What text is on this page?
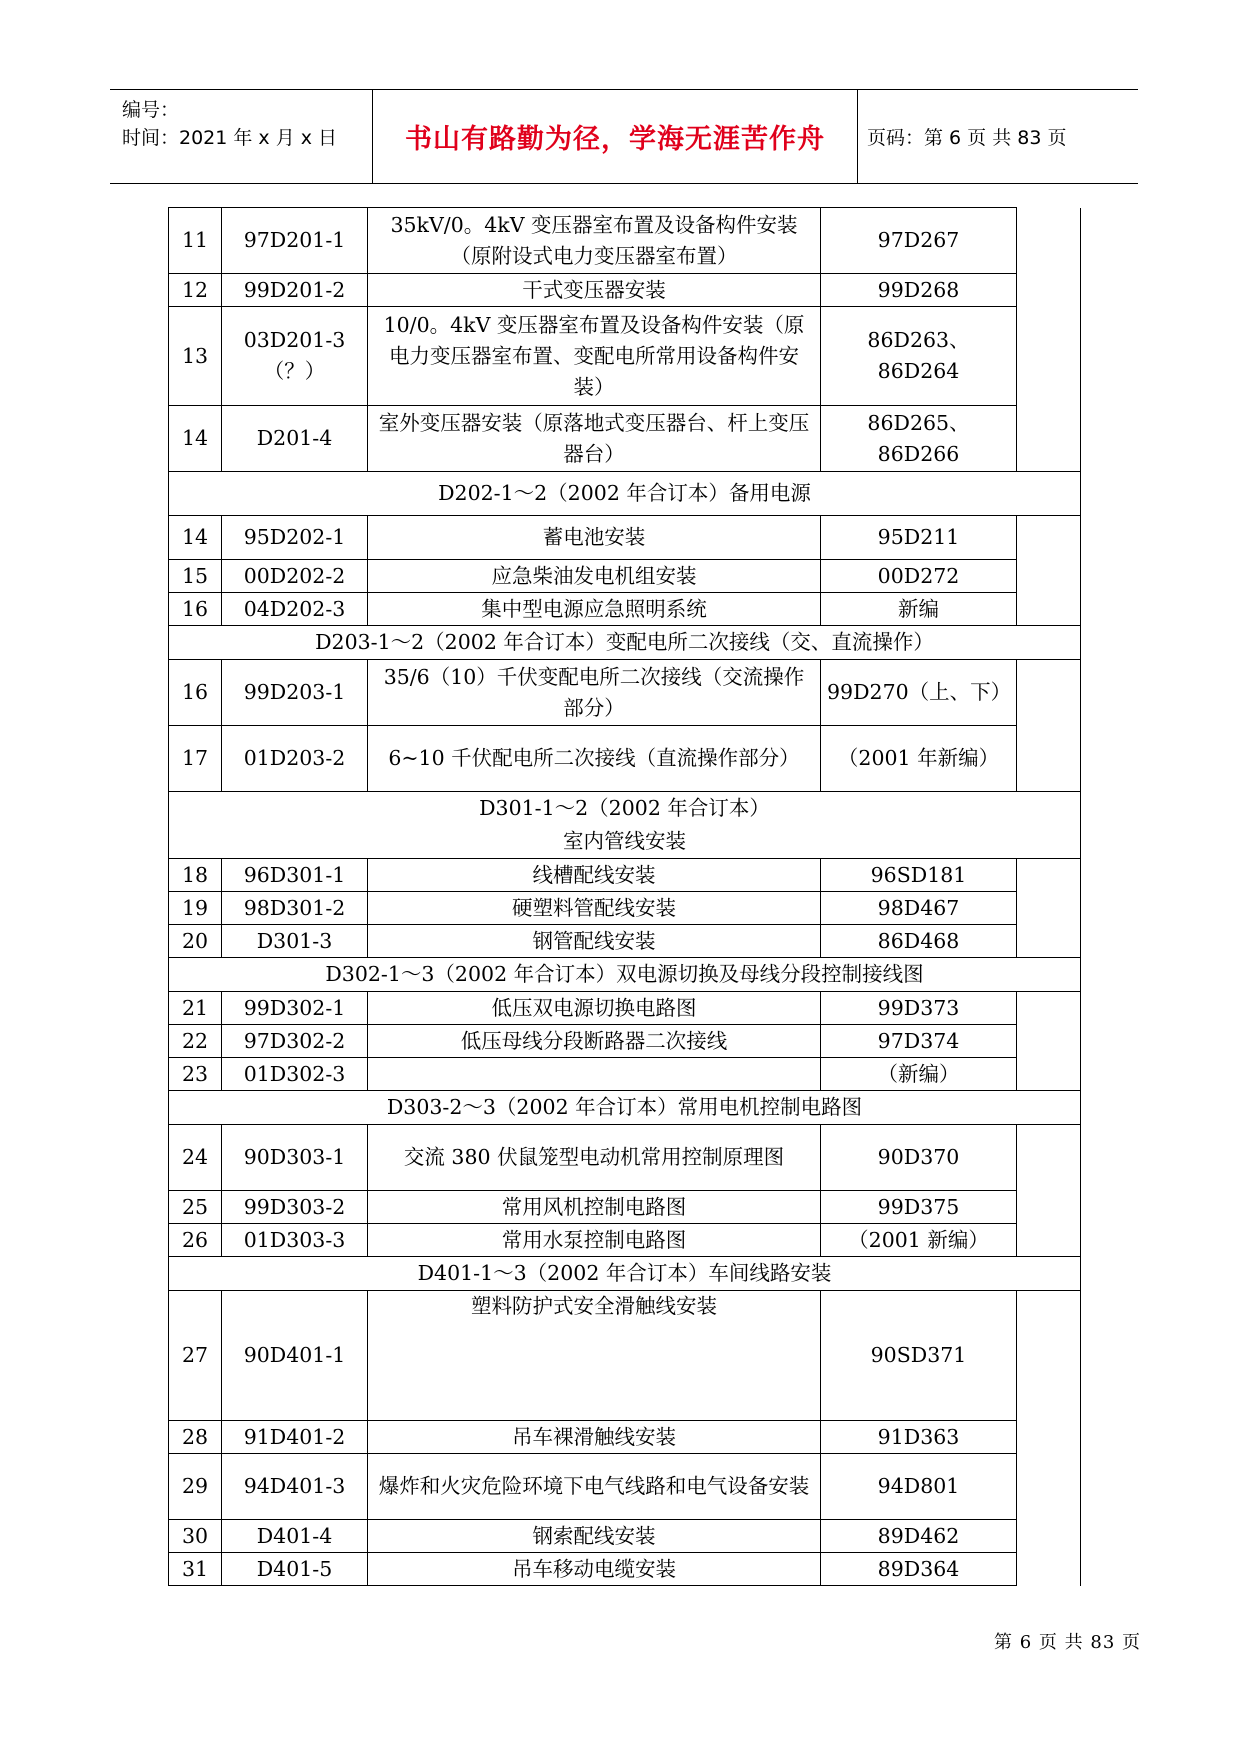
编号：
时间：2021 年 x 月 x 日	书山有路勤为径，学海无涯苦作舟 页码：第 6 页 共 83 页
11	97D201-1	35kV/0。4kV 变压器室布置及设备构件安装（原附设式电力变压器室布置）	97D267	
12	99D201-2	干式变压器安装	99D268	
13	03D201-3（？）	10/0。4kV 变压器室布置及设备构件安装（原电力变压器室布置、变配电所常用设备构件安装）	86D263、86D264	
14	D201-4	室外变压器安装（原落地式变压器台、杆上变压器台）	86D265、86D266	

D202-1～2（2002 年合订本）备用电源				

14	95D202-1	蓄电池安装	95D211	
15	00D202-2	应急柴油发电机组安装	00D272	
16	04D202-3	集中型电源应急照明系统	新编	

D203-1～2（2002 年合订本）变配电所二次接线（交、直流操作）				

16	99D203-1	35/6（10）千伏变配电所二次接线（交流操作部分）	99D270（上、下）	
17	01D203-2	6~10 千伏配电所二次接线（直流操作部分）	（2001 年新编）	

D301-1～2（2002 年合订本）
室内管线安装				

18	96D301-1	线槽配线安装	96SD181	
19	98D301-2	硬塑料管配线安装	98D467	
20	D301-3	钢管配线安装	86D468	

D302-1～3（2002 年合订本）双电源切换及母线分段控制接线图				

21	99D302-1	低压双电源切换电路图	99D373	
22	97D302-2	低压母线分段断路器二次接线	97D374	
23	01D302-3		（新编）	

D303-2～3（2002 年合订本）常用电机控制电路图				

24	90D303-1	交流 380 伏鼠笼型电动机常用控制原理图	90D370	
25	99D303-2	常用风机控制电路图	99D375	
26	01D303-3	常用水泵控制电路图	（2001 新编）	

D401-1～3（2002 年合订本）车间线路安装				

27	90D401-1	塑料防护式安全滑触线安装	90SD371	
28	91D401-2	吊车裸滑触线安装	91D363	
29	94D401-3	爆炸和火灾危险环境下电气线路和电气设备安装	94D801	
30	D401-4	钢索配线安装	89D462	
31	D401-5	吊车移动电缆安装	89D364	
第 6 页 共 83 页
